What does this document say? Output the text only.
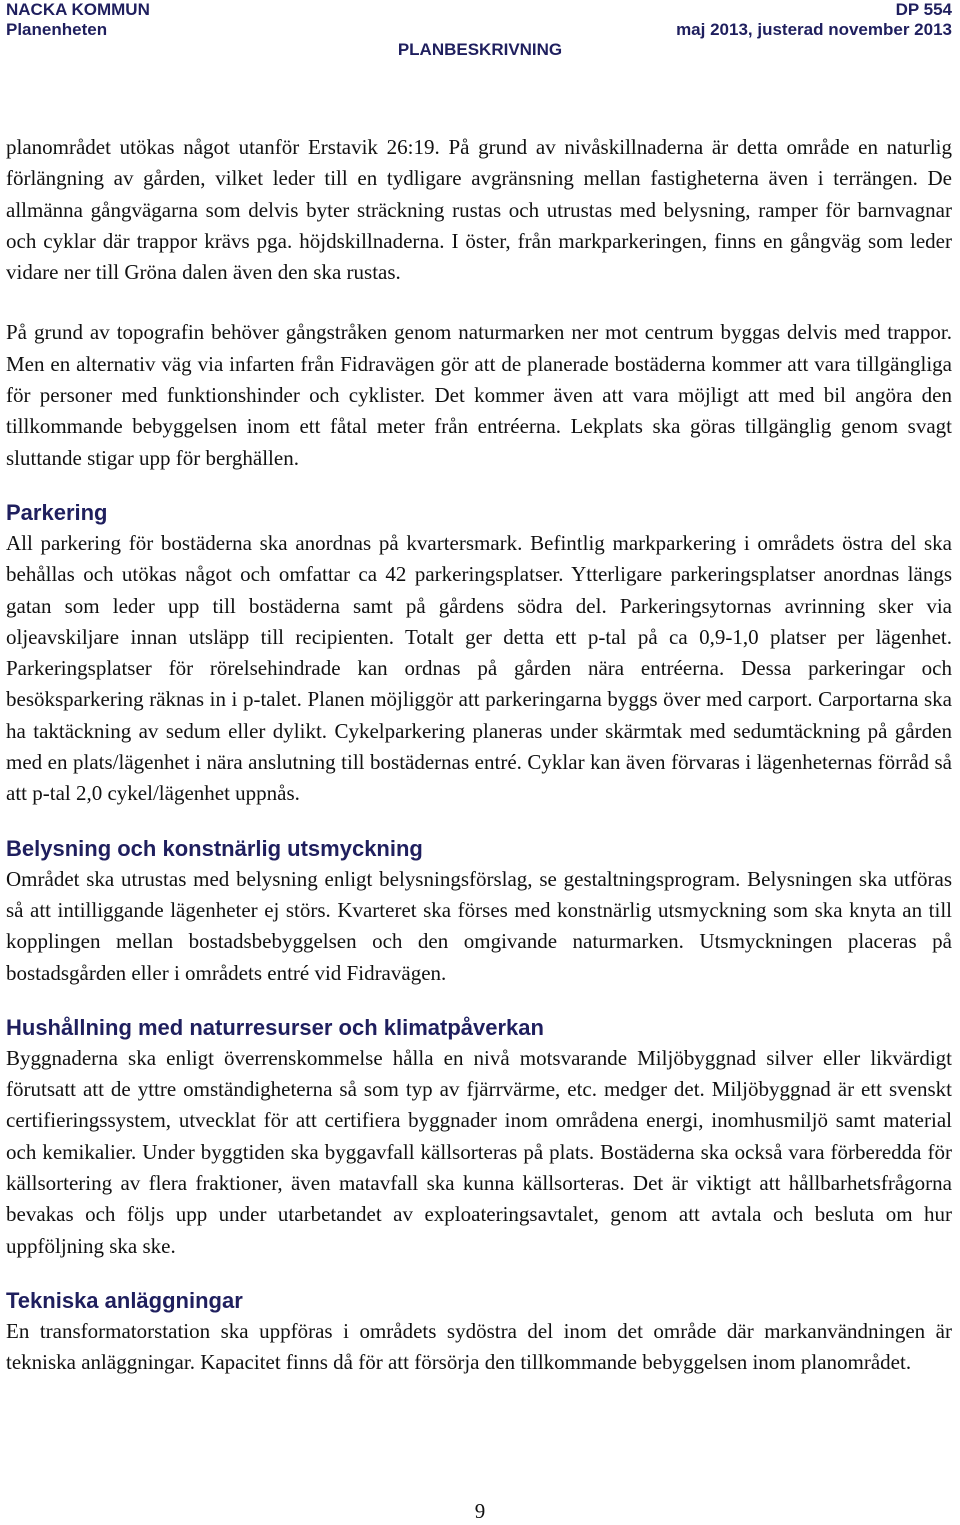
NACKA KOMMUN
Planenheten
DP 554
maj 2013, justerad november 2013
PLANBESKRIVNING

planområdet utökas något utanför Erstavik 26:19. På grund av nivåskillnaderna är detta område en naturlig förlängning av gården, vilket leder till en tydligare avgränsning mellan fastigheterna även i terrängen. De allmänna gångvägarna som delvis byter sträckning rustas och utrustas med belysning, ramper för barnvagnar och cyklar där trappor krävs pga. höjdskillnaderna. I öster, från markparkeringen, finns en gångväg som leder vidare ner till Gröna dalen även den ska rustas.

På grund av topografin behöver gångstråken genom naturmarken ner mot centrum byggas delvis med trappor. Men en alternativ väg via infarten från Fidravägen gör att de planerade bostäderna kommer att vara tillgängliga för personer med funktionshinder och cyklister. Det kommer även att vara möjligt att med bil angöra den tillkommande bebyggelsen inom ett fåtal meter från entréerna. Lekplats ska göras tillgänglig genom svagt sluttande stigar upp för berghällen.

Parkering

All parkering för bostäderna ska anordnas på kvartersmark. Befintlig markparkering i områdets östra del ska behållas och utökas något och omfattar ca 42 parkeringsplatser. Ytterligare parkeringsplatser anordnas längs gatan som leder upp till bostäderna samt på gårdens södra del. Parkeringsytornas avrinning sker via oljeavskiljare innan utsläpp till recipienten. Totalt ger detta ett p-tal på ca 0,9-1,0 platser per lägenhet. Parkeringsplatser för rörelsehindrade kan ordnas på gården nära entréerna. Dessa parkeringar och besöksparkering räknas in i p-talet. Planen möjliggör att parkeringarna byggs över med carport. Carportarna ska ha taktäckning av sedum eller dylikt. Cykelparkering planeras under skärmtak med sedumtäckning på gården med en plats/lägenhet i nära anslutning till bostädernas entré. Cyklar kan även förvaras i lägenheternas förråd så att p-tal 2,0 cykel/lägenhet uppnås.

Belysning och konstnärlig utsmyckning

Området ska utrustas med belysning enligt belysningsförslag, se gestaltningsprogram. Belysningen ska utföras så att intilliggande lägenheter ej störs. Kvarteret ska förses med konstnärlig utsmyckning som ska knyta an till kopplingen mellan bostadsbebyggelsen och den omgivande naturmarken. Utsmyckningen placeras på bostadsgården eller i områdets entré vid Fidravägen.

Hushållning med naturresurser och klimatpåverkan

Byggnaderna ska enligt överrenskommelse hålla en nivå motsvarande Miljöbyggnad silver eller likvärdigt förutsatt att de yttre omständigheterna så som typ av fjärrvärme, etc. medger det. Miljöbyggnad är ett svenskt certifieringssystem, utvecklat för att certifiera byggnader inom områdena energi, inomhusmiljö samt material och kemikalier. Under byggtiden ska byggavfall källsorteras på plats. Bostäderna ska också vara förberedda för källsortering av flera fraktioner, även matavfall ska kunna källsorteras. Det är viktigt att hållbarhetsfrågorna bevakas och följs upp under utarbetandet av exploateringsavtalet, genom att avtala och besluta om hur uppföljning ska ske.

Tekniska anläggningar

En transformatorstation ska uppföras i områdets sydöstra del inom det område där markanvändningen är tekniska anläggningar. Kapacitet finns då för att försörja den tillkommande bebyggelsen inom planområdet.

9
